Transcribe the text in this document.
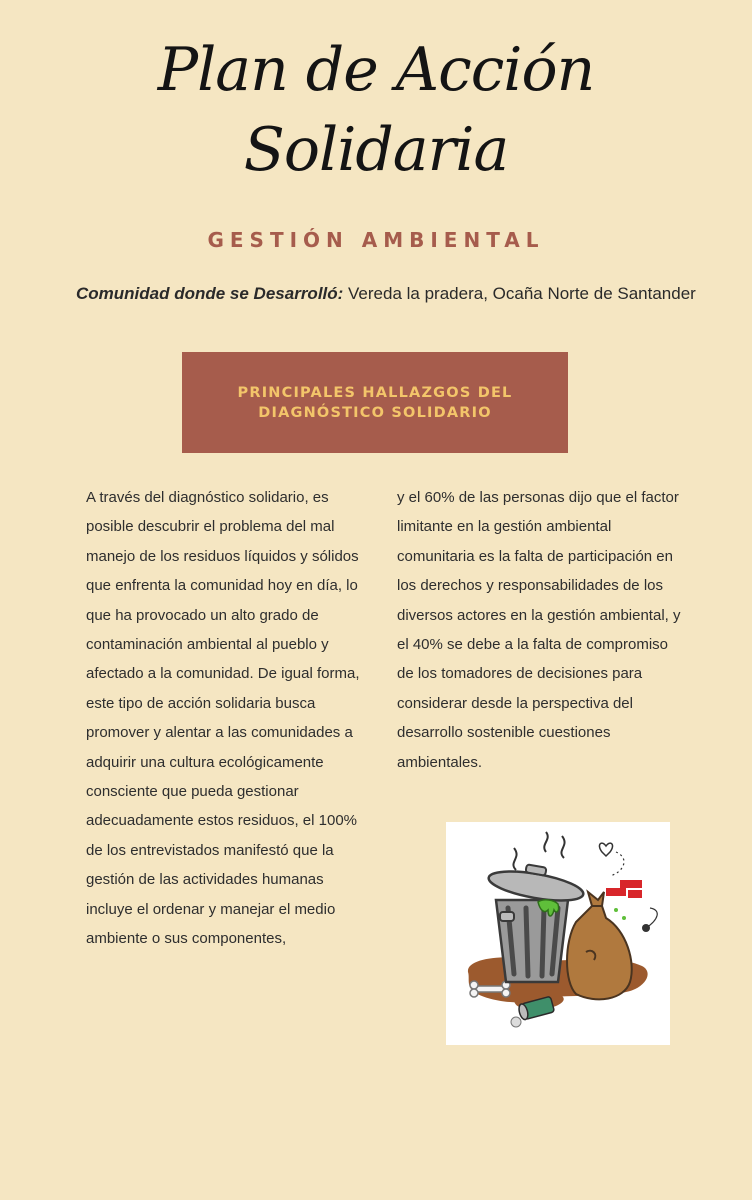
Plan de Acción
Solidaria
GESTIÓN AMBIENTAL

Comunidad donde se Desarrolló: Vereda la pradera, Ocaña Norte de Santander

PRINCIPALES HALLAZGOS DEL DIAGNÓSTICO SOLIDARIO
A través del diagnóstico solidario, es posible descubrir el problema del mal manejo de los residuos líquidos y sólidos que enfrenta la comunidad hoy en día, lo que ha provocado un alto grado de contaminación ambiental al pueblo y afectado a la comunidad. De igual forma, este tipo de acción solidaria busca promover y alentar a las comunidades a adquirir una cultura ecológicamente consciente que pueda gestionar adecuadamente estos residuos, el 100% de los entrevistados manifestó que la gestión de las actividades humanas incluye el ordenar y manejar el medio ambiente o sus componentes,
y el 60% de las personas dijo que el factor limitante en la gestión ambiental comunitaria es la falta de participación en los derechos y responsabilidades de los diversos actores en la gestión ambiental, y el 40% se debe a la falta de compromiso de los tomadores de decisiones para considerar desde la perspectiva del desarrollo sostenible cuestiones ambientales.
